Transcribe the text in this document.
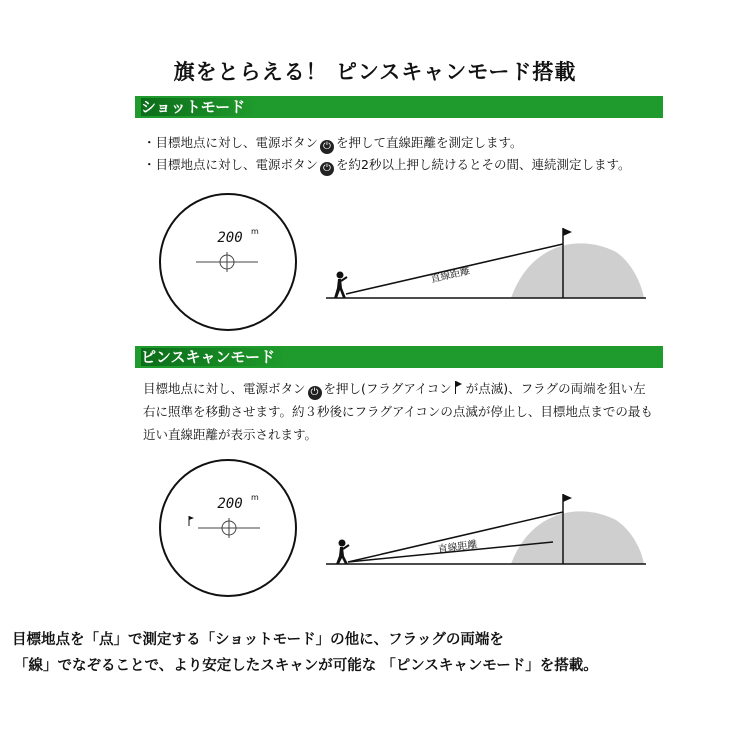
旗をとらえる！ ピンスキャンモード搭載
ショットモード
・目標地点に対し、電源ボタン ⏻ を押して直線距離を測定します。
・目標地点に対し、電源ボタン ⏻ を約2秒以上押し続けるとその間、連続測定します。
200 m
直線距離
ピンスキャンモード
目標地点に対し、電源ボタン ⏻ を押し(フラグアイコン が点滅)、フラグの両端を狙い左右に照準を移動させます。約３秒後にフラグアイコンの点滅が停止し、目標地点までの最も近い直線距離が表示されます。
200 m
直線距離
目標地点を「点」で測定する「ショットモード」の他に、フラッグの両端を
「線」でなぞることで、より安定したスキャンが可能な 「ピンスキャンモード」を搭載。
